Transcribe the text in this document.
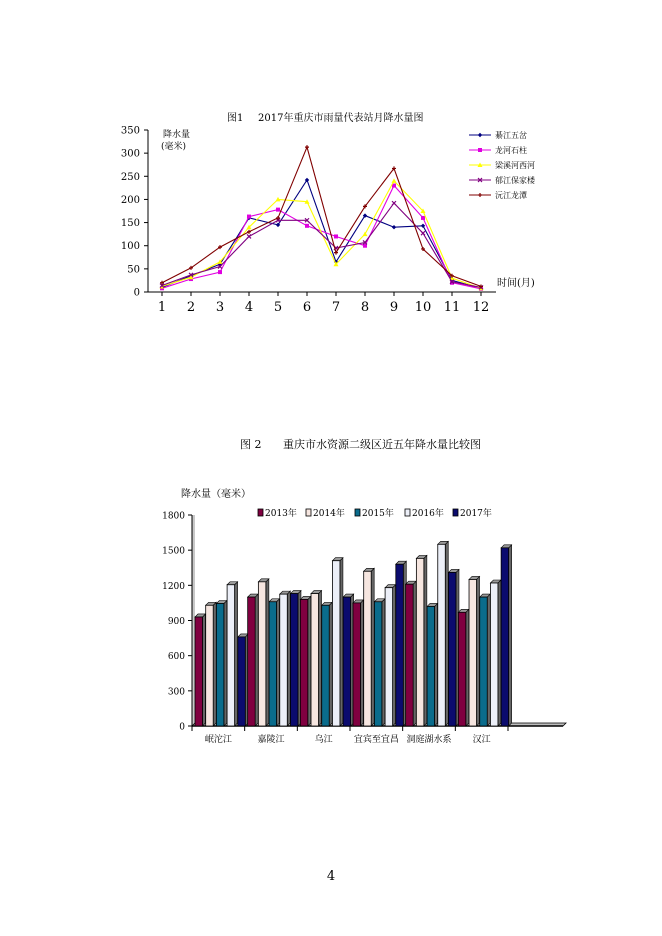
图1 2017年重庆市雨量代表站月降水量图
降水量
(毫米)
0
50
100
150
200
250
300
350
1 2 3 4 5 6 7 8 9 10 11 12
时间(月)
綦江五岔
龙河石柱
梁溪河西河
郁江保家楼
沅江龙潭
图 2 重庆市水资源二级区近五年降水量比较图
降水量（毫米）
0
300
600
900
1200
1500
1800
岷沱江	嘉陵江	乌江 宜宾至宜昌 洞庭湖水系 汉江
2013年 2014年 2015年 2016年 2017年
4
